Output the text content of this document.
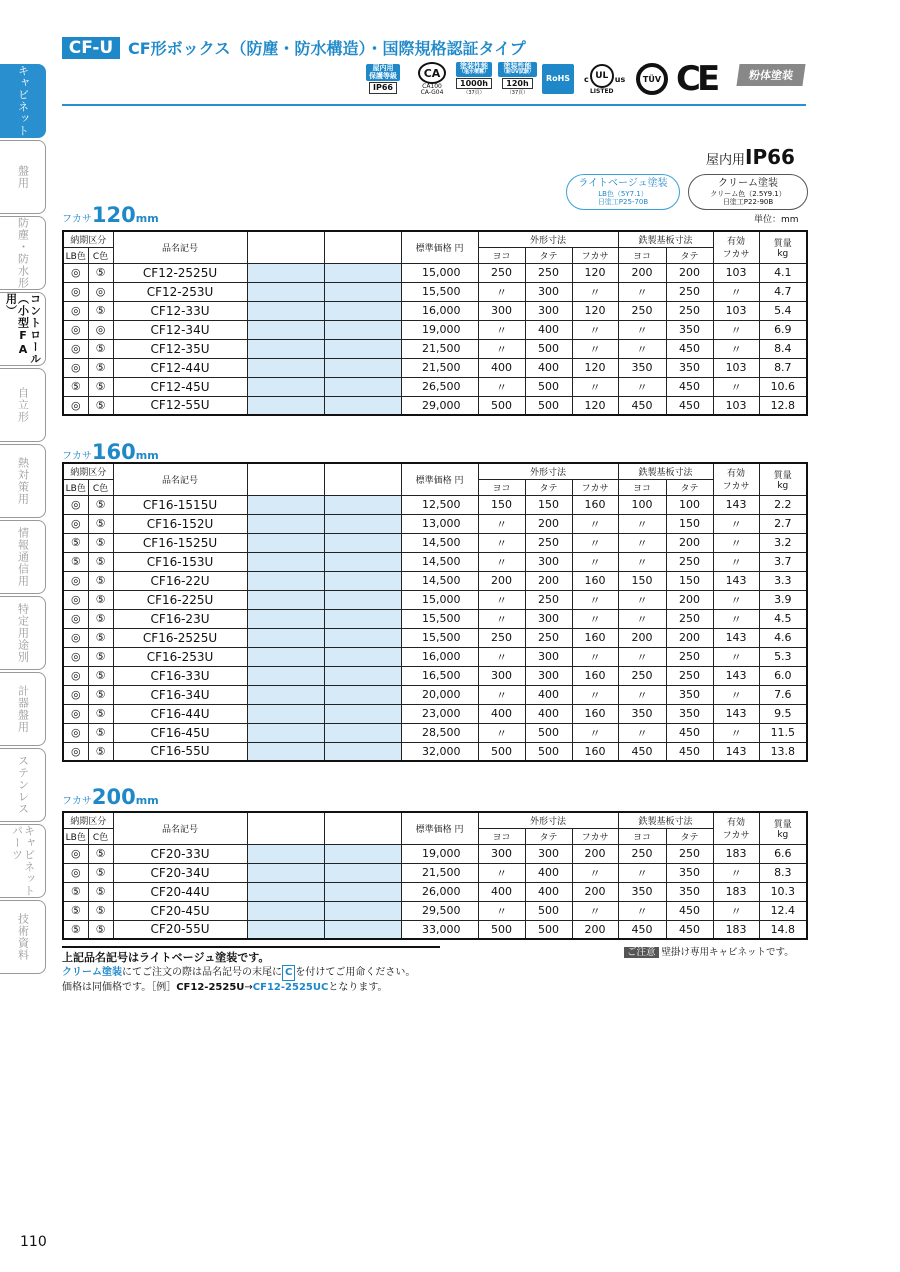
キャビネット
盤用
防塵・防水形
コントロール（小型FA用）
自立形
熱対策用
情報通信用
特定用途別
計器盤用
ステンレス
キャビネットパーツ
技術資料
CF-U CF形ボックス（防塵・防水構造）・国際規格認証タイプ
屋内用
保護等級
IP66
CA
CA100
CA-G04
塗装性能
（塩水噴霧）
1000h
（37頁）
塗装性能
（耐UV試験）
120h
（37頁）
RoHS	c UL
LISTED
us	TÜV CE	粉体塗装
屋内用IP66
ライトベージュ塗装
LB色（5Y7.1）
日塗工P25-70B
クリーム塗装
クリーム色（2.5Y9.1）
日塗工P22-90B
単位：mm
フカサ120mm
納期区分		品名記号			標準価格 円	外形寸法			鉄製基板寸法		有効
フカサ	質量
kg
LB色	C色					ヨコ	タテ	フカサ	ヨコ	タテ		
◎	⑤	CF12-2525U			15,000	250	250	120	200	200	103	4.1
◎	◎	CF12-253U			15,500	〃	300	〃	〃	250	〃	4.7
◎	⑤	CF12-33U			16,000	300	300	120	250	250	103	5.4
◎	◎	CF12-34U			19,000	〃	400	〃	〃	350	〃	6.9
◎	⑤	CF12-35U			21,500	〃	500	〃	〃	450	〃	8.4
◎	⑤	CF12-44U			21,500	400	400	120	350	350	103	8.7
⑤	⑤	CF12-45U			26,500	〃	500	〃	〃	450	〃	10.6
◎	⑤	CF12-55U			29,000	500	500	120	450	450	103	12.8
フカサ160mm
納期区分		品名記号			標準価格 円	外形寸法			鉄製基板寸法		有効
フカサ	質量
kg
LB色	C色					ヨコ	タテ	フカサ	ヨコ	タテ		
◎	⑤	CF16-1515U			12,500	150	150	160	100	100	143	2.2
◎	⑤	CF16-152U			13,000	〃	200	〃	〃	150	〃	2.7
⑤	⑤	CF16-1525U			14,500	〃	250	〃	〃	200	〃	3.2
⑤	⑤	CF16-153U			14,500	〃	300	〃	〃	250	〃	3.7
◎	⑤	CF16-22U			14,500	200	200	160	150	150	143	3.3
◎	⑤	CF16-225U			15,000	〃	250	〃	〃	200	〃	3.9
◎	⑤	CF16-23U			15,500	〃	300	〃	〃	250	〃	4.5
◎	⑤	CF16-2525U			15,500	250	250	160	200	200	143	4.6
◎	⑤	CF16-253U			16,000	〃	300	〃	〃	250	〃	5.3
◎	⑤	CF16-33U			16,500	300	300	160	250	250	143	6.0
◎	⑤	CF16-34U			20,000	〃	400	〃	〃	350	〃	7.6
◎	⑤	CF16-44U			23,000	400	400	160	350	350	143	9.5
◎	⑤	CF16-45U			28,500	〃	500	〃	〃	450	〃	11.5
◎	⑤	CF16-55U			32,000	500	500	160	450	450	143	13.8
フカサ200mm
納期区分		品名記号			標準価格 円	外形寸法			鉄製基板寸法		有効
フカサ	質量
kg
LB色	C色					ヨコ	タテ	フカサ	ヨコ	タテ		
◎	⑤	CF20-33U			19,000	300	300	200	250	250	183	6.6
◎	⑤	CF20-34U			21,500	〃	400	〃	〃	350	〃	8.3
⑤	⑤	CF20-44U			26,000	400	400	200	350	350	183	10.3
⑤	⑤	CF20-45U			29,500	〃	500	〃	〃	450	〃	12.4
⑤	⑤	CF20-55U			33,000	500	500	200	450	450	183	14.8

上記品名記号はライトベージュ塗装です。

クリーム塗装にてご注文の際は品名記号の末尾に C を付けてご用命ください。

価格は同価格です。［例］CF12-2525U→CF12-2525UCとなります。

ご注意 壁掛け専用キャビネットです。
110
